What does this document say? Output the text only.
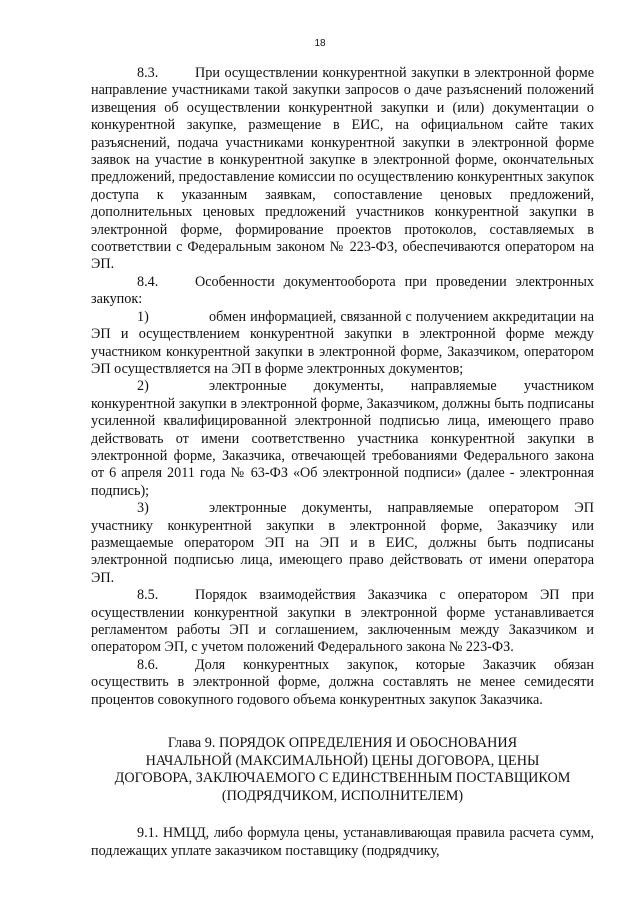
18

8.3.	При осуществлении конкурентной закупки в электронной форме направление участниками такой закупки запросов о даче разъяснений положений извещения об осуществлении конкурентной закупки и (или) документации о конкурентной закупке, размещение в ЕИС, на официальном сайте таких разъяснений, подача участниками конкурентной закупки в электронной форме заявок на участие в конкурентной закупке в электронной форме, окончательных предложений, предоставление комиссии по осуществлению конкурентных закупок доступа к указанным заявкам, сопоставление ценовых предложений, дополнительных ценовых предложений участников конкурентной закупки в электронной форме, формирование проектов протоколов, составляемых в соответствии с Федеральным законом № 223-ФЗ, обеспечиваются оператором на ЭП.

8.4.	Особенности документооборота при проведении электронных закупок:

1)	обмен информацией, связанной с получением аккредитации на ЭП и осуществлением конкурентной закупки в электронной форме между участником конкурентной закупки в электронной форме, Заказчиком, оператором ЭП осуществляется на ЭП в форме электронных документов;

2)	электронные документы, направляемые участником конкурентной закупки в электронной форме, Заказчиком, должны быть подписаны усиленной квалифицированной электронной подписью лица, имеющего право действовать от имени соответственно участника конкурентной закупки в электронной форме, Заказчика, отвечающей требованиями Федерального закона от 6 апреля 2011 года № 63-ФЗ «Об электронной подписи» (далее - электронная подпись);

3)	электронные документы, направляемые оператором ЭП участнику конкурентной закупки в электронной форме, Заказчику или размещаемые оператором ЭП на ЭП и в ЕИС, должны быть подписаны электронной подписью лица, имеющего право действовать от имени оператора ЭП.

8.5.	Порядок взаимодействия Заказчика с оператором ЭП при осуществлении конкурентной закупки в электронной форме устанавливается регламентом работы ЭП и соглашением, заключенным между Заказчиком и оператором ЭП, с учетом положений Федерального закона № 223-ФЗ.

8.6.	Доля конкурентных закупок, которые Заказчик обязан осуществить в электронной форме, должна составлять не менее семидесяти процентов совокупного годового объема конкурентных закупок Заказчика.

Глава 9. ПОРЯДОК ОПРЕДЕЛЕНИЯ И ОБОСНОВАНИЯ
НАЧАЛЬНОЙ (МАКСИМАЛЬНОЙ) ЦЕНЫ ДОГОВОРА, ЦЕНЫ
ДОГОВОРА, ЗАКЛЮЧАЕМОГО С ЕДИНСТВЕННЫМ ПОСТАВЩИКОМ
(ПОДРЯДЧИКОМ, ИСПОЛНИТЕЛЕМ)

9.1. НМЦД, либо формула цены, устанавливающая правила расчета сумм, подлежащих уплате заказчиком поставщику (подрядчику,
